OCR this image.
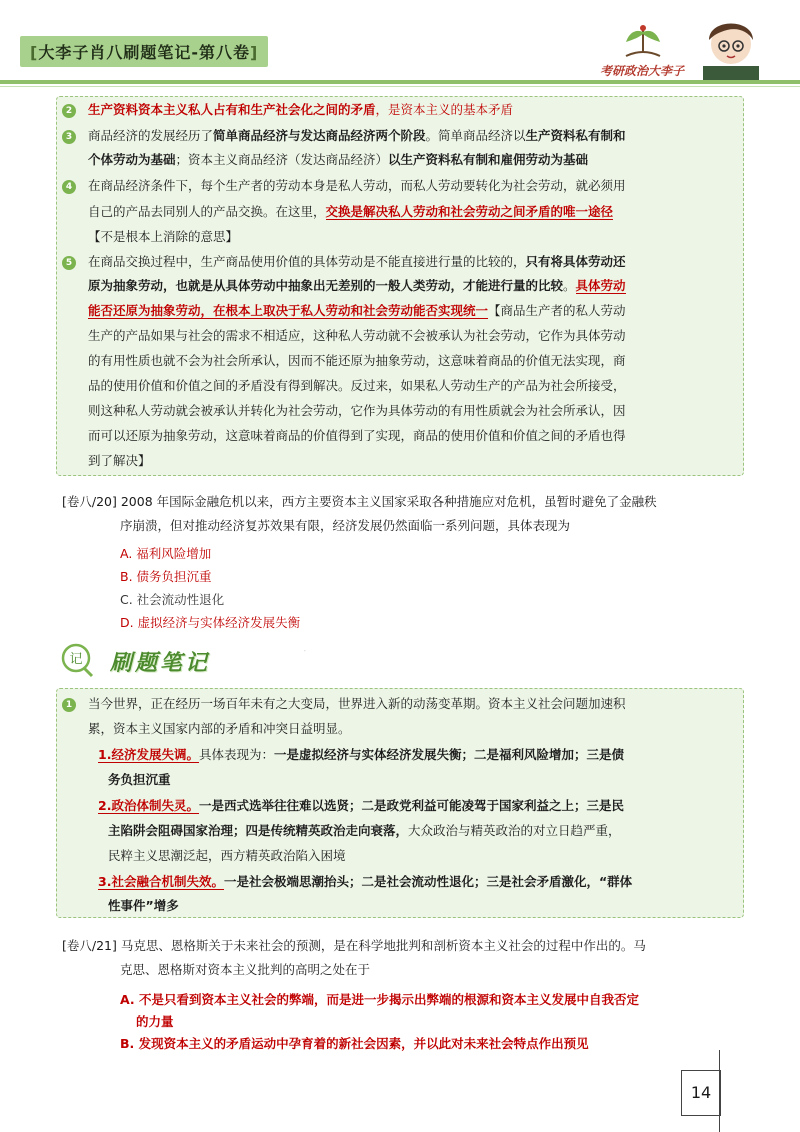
[大李子肖八刷题笔记-第八卷]
考研政治大李子
2	生产资料资本主义私人占有和生产社会化之间的矛盾，是资本主义的基本矛盾
3	商品经济的发展经历了简单商品经济与发达商品经济两个阶段。简单商品经济以生产资料私有制和
个体劳动为基础；资本主义商品经济（发达商品经济）以生产资料私有制和雇佣劳动为基础
4	在商品经济条件下，每个生产者的劳动本身是私人劳动，而私人劳动要转化为社会劳动，就必须用
自己的产品去同别人的产品交换。在这里，交换是解决私人劳动和社会劳动之间矛盾的唯一途径
【不是根本上消除的意思】
5	在商品交换过程中，生产商品使用价值的具体劳动是不能直接进行量的比较的，只有将具体劳动还
原为抽象劳动，也就是从具体劳动中抽象出无差别的一般人类劳动，才能进行量的比较。具体劳动
能否还原为抽象劳动，在根本上取决于私人劳动和社会劳动能否实现统一【商品生产者的私人劳动
生产的产品如果与社会的需求不相适应，这种私人劳动就不会被承认为社会劳动，它作为具体劳动
的有用性质也就不会为社会所承认，因而不能还原为抽象劳动，这意味着商品的价值无法实现，商
品的使用价值和价值之间的矛盾没有得到解决。反过来，如果私人劳动生产的产品为社会所接受，
则这种私人劳动就会被承认并转化为社会劳动，它作为具体劳动的有用性质就会为社会所承认，因
而可以还原为抽象劳动，这意味着商品的价值得到了实现，商品的使用价值和价值之间的矛盾也得
到了解决】
[卷八/20] 2008 年国际金融危机以来，西方主要资本主义国家采取各种措施应对危机，虽暂时避免了金融秩
序崩溃，但对推动经济复苏效果有限，经济发展仍然面临一系列问题，具体表现为
A. 福利风险增加
B. 债务负担沉重
C. 社会流动性退化
D. 虚拟经济与实体经济发展失衡
·
记 刷题笔记
1	当今世界，正在经历一场百年未有之大变局，世界进入新的动荡变革期。资本主义社会问题加速积
累，资本主义国家内部的矛盾和冲突日益明显。
1.经济发展失调。具体表现为：一是虚拟经济与实体经济发展失衡；二是福利风险增加；三是债
务负担沉重
2.政治体制失灵。一是西式选举往往难以选贤；二是政党利益可能凌驾于国家利益之上；三是民
主陷阱会阻碍国家治理；四是传统精英政治走向衰落，大众政治与精英政治的对立日趋严重，
民粹主义思潮泛起，西方精英政治陷入困境
3.社会融合机制失效。一是社会极端思潮抬头；二是社会流动性退化；三是社会矛盾激化，“群体
性事件”增多
[卷八/21] 马克思、恩格斯关于未来社会的预测，是在科学地批判和剖析资本主义社会的过程中作出的。马
克思、恩格斯对资本主义批判的高明之处在于
A. 不是只看到资本主义社会的弊端，而是进一步揭示出弊端的根源和资本主义发展中自我否定
的力量
B. 发现资本主义的矛盾运动中孕育着的新社会因素，并以此对未来社会特点作出预见
14
